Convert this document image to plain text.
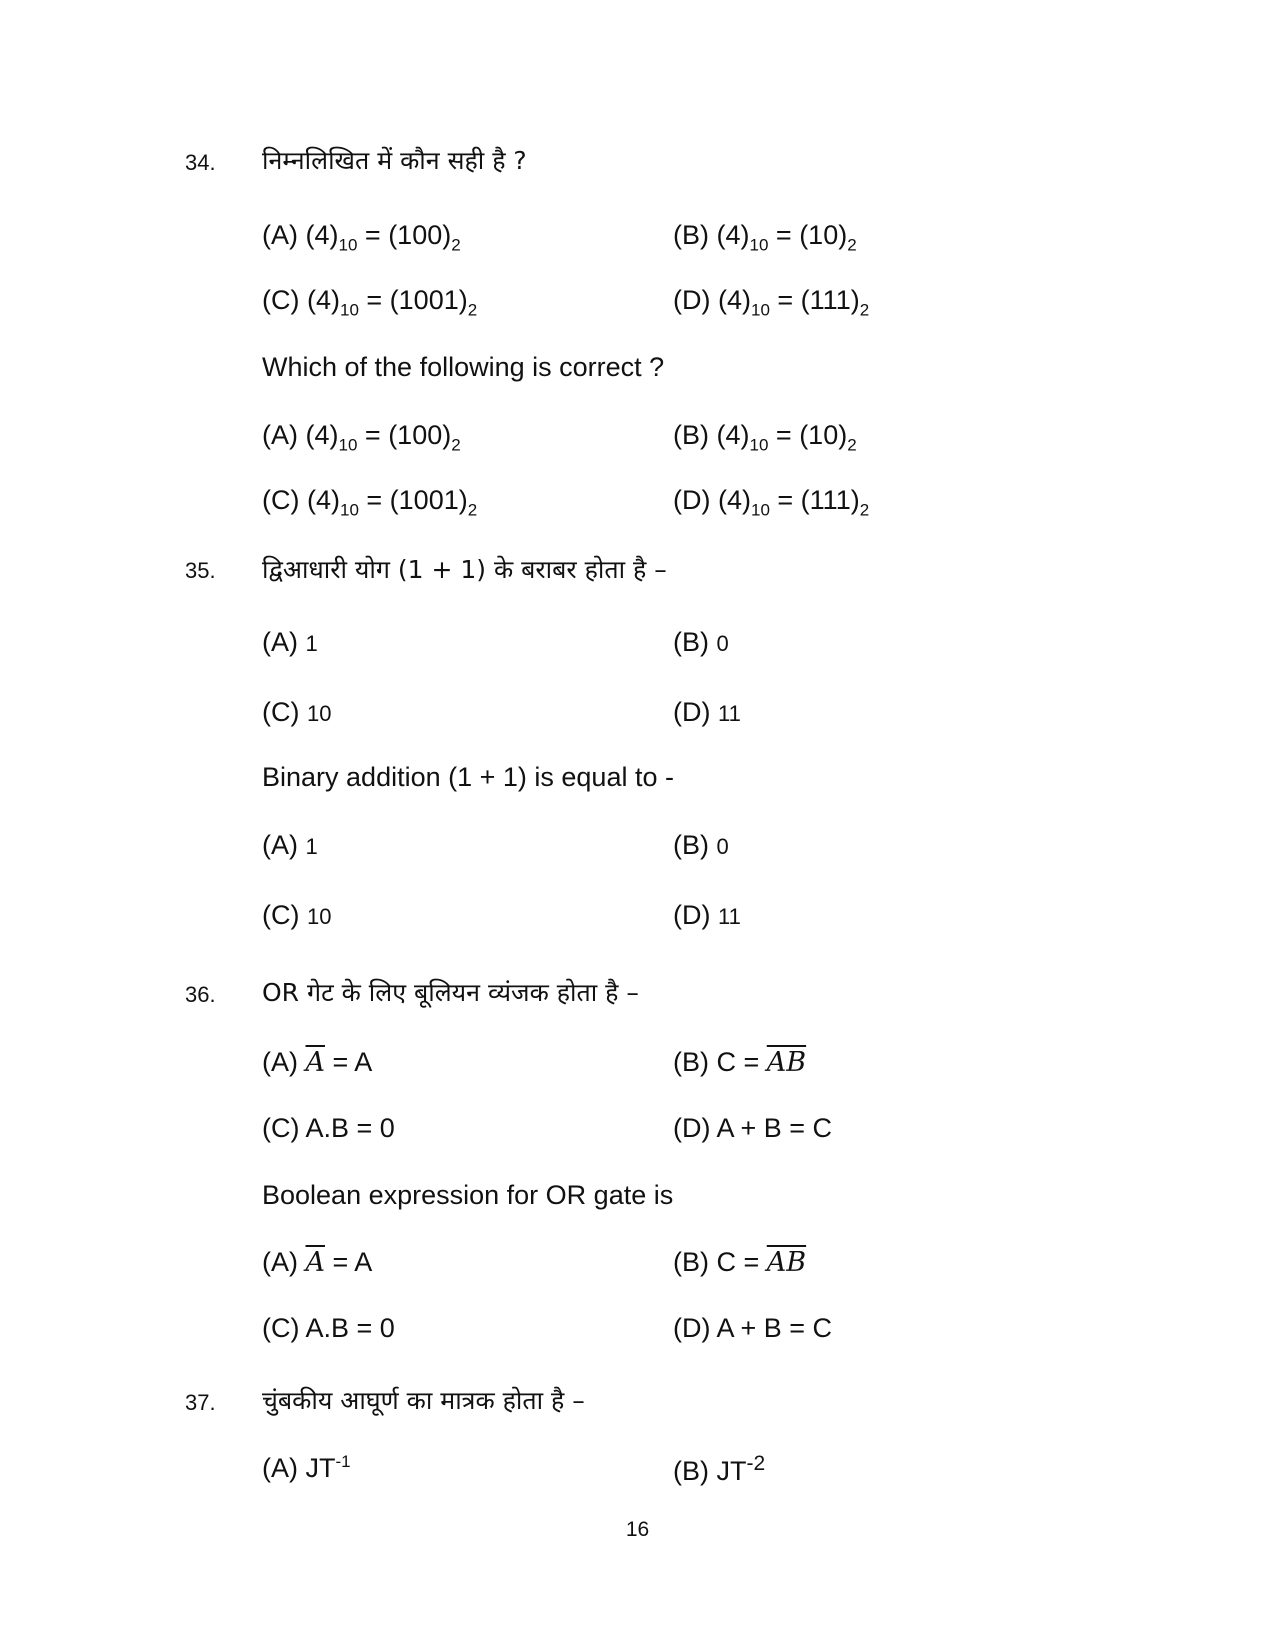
34. निम्नलिखित में कौन सही है ?
(A) $(4)_{10} = (100)_2$	(B) $(4)_{10} = (10)_2$
(C) $(4)_{10} = (1001)_2$	(D) $(4)_{10} = (111)_2$
Which of the following is correct ?
(A) $(4)_{10} = (100)_2$	(B) $(4)_{10} = (10)_2$
(C) $(4)_{10} = (1001)_2$	(D) $(4)_{10} = (111)_2$
35. द्विआधारी योग (1 + 1) के बराबर होता है –
(A) 1	(B) 0
(C) 10	(D) 11
Binary addition (1 + 1) is equal to -
(A) 1	(B) 0
(C) 10	(D) 11
36. OR गेट के लिए बूलियन व्यंजक होता है –
(A) $\overline{A} = A$	(B) $C = \overline{AB}$
(C) A.B = 0	(D) A + B = C
Boolean expression for OR gate is
(A) $\overline{A} = A$	(B) $C = \overline{AB}$
(C) A.B = 0	(D) A + B = C
37. चुंबकीय आघूर्ण का मात्रक होता है –
(A) $JT^{-1}$	(B) $JT^{-2}$
16
